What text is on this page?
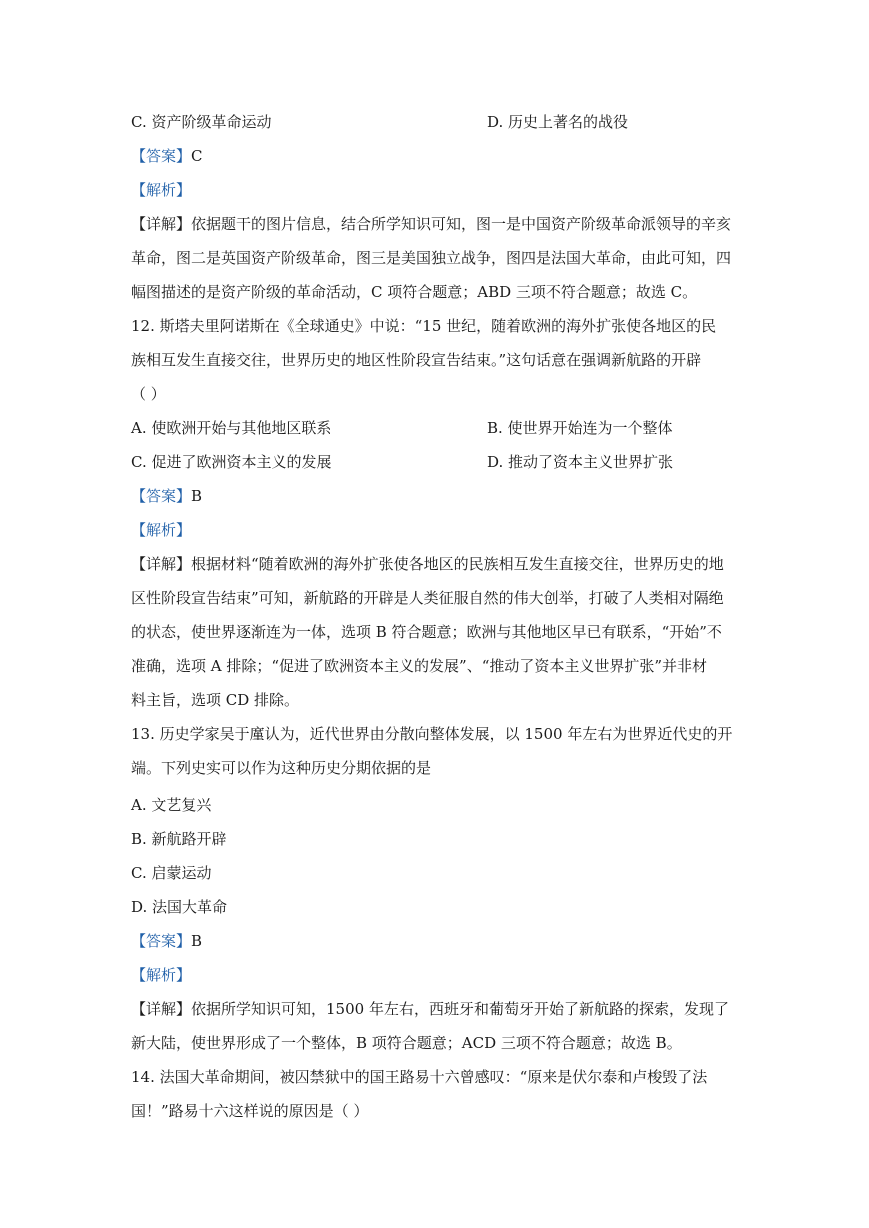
C. 资产阶级革命运动	D. 历史上著名的战役
【答案】C
【解析】
【详解】依据题干的图片信息，结合所学知识可知，图一是中国资产阶级革命派领导的辛亥
革命，图二是英国资产阶级革命，图三是美国独立战争，图四是法国大革命，由此可知，四
幅图描述的是资产阶级的革命活动，C 项符合题意；ABD 三项不符合题意；故选 C。
12. 斯塔夫里阿诺斯在《全球通史》中说：“15 世纪，随着欧洲的海外扩张使各地区的民
族相互发生直接交往，世界历史的地区性阶段宣告结束。”这句话意在强调新航路的开辟
（ ）
A. 使欧洲开始与其他地区联系	B. 使世界开始连为一个整体
C. 促进了欧洲资本主义的发展	D. 推动了资本主义世界扩张
【答案】B
【解析】
【详解】根据材料“随着欧洲的海外扩张使各地区的民族相互发生直接交往，世界历史的地
区性阶段宣告结束”可知，新航路的开辟是人类征服自然的伟大创举，打破了人类相对隔绝
的状态，使世界逐渐连为一体，选项 B 符合题意；欧洲与其他地区早已有联系，“开始”不
准确，选项 A 排除；“促进了欧洲资本主义的发展”、“推动了资本主义世界扩张”并非材
料主旨，选项 CD 排除。
13. 历史学家吴于廑认为，近代世界由分散向整体发展，以 1500 年左右为世界近代史的开
端。下列史实可以作为这种历史分期依据的是
A. 文艺复兴
B. 新航路开辟
C. 启蒙运动
D. 法国大革命
【答案】B
【解析】
【详解】依据所学知识可知，1500 年左右，西班牙和葡萄牙开始了新航路的探索，发现了
新大陆，使世界形成了一个整体，B 项符合题意；ACD 三项不符合题意；故选 B。
14. 法国大革命期间，被囚禁狱中的国王路易十六曾感叹：“原来是伏尔泰和卢梭毁了法
国！”路易十六这样说的原因是（ ）
